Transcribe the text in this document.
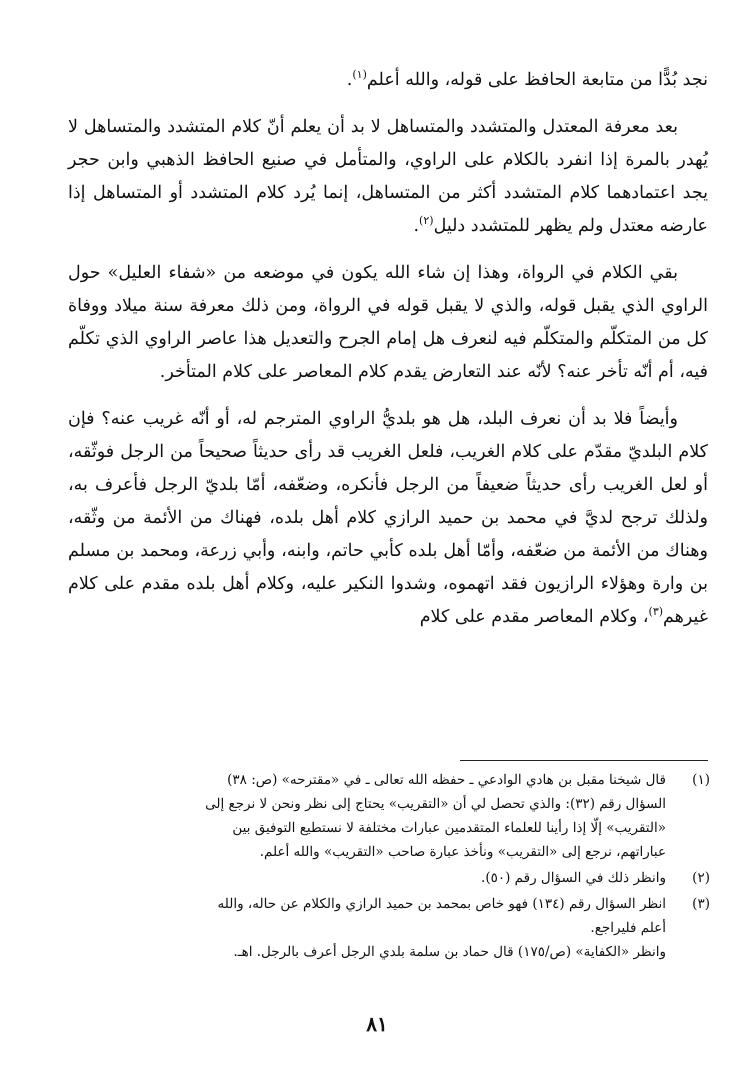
نجد بُدًّا من متابعة الحافظ على قوله، والله أعلم$^{(١)}$.

بعد معرفة المعتدل والمتشدد والمتساهل لا بد أن يعلم أنّ كلام المتشدد والمتساهل لا يُهدر بالمرة إذا انفرد بالكلام على الراوي، والمتأمل في صنيع الحافظ الذهبي وابن حجر يجد اعتمادهما كلام المتشدد أكثر من المتساهل، إنما يُرد كلام المتشدد أو المتساهل إذا عارضه معتدل ولم يظهر للمتشدد دليل$^{(٢)}$.

بقي الكلام في الرواة، وهذا إن شاء الله يكون في موضعه من «شفاء العليل» حول الراوي الذي يقبل قوله، والذي لا يقبل قوله في الرواة، ومن ذلك معرفة سنة ميلاد ووفاة كل من المتكلّم والمتكلّم فيه لنعرف هل إمام الجرح والتعديل هذا عاصر الراوي الذي تكلّم فيه، أم أنّه تأخر عنه؟ لأنّه عند التعارض يقدم كلام المعاصر على كلام المتأخر.

وأيضاً فلا بد أن نعرف البلد، هل هو بلديُّ الراوي المترجم له، أو أنّه غريب عنه؟ فإن كلام البلديّ مقدّم على كلام الغريب، فلعل الغريب قد رأى حديثاً صحيحاً من الرجل فوثّقه، أو لعل الغريب رأى حديثاً ضعيفاً من الرجل فأنكره، وضعّفه، أمّا بلديّ الرجل فأعرف به، ولذلك ترجح لديَّ في محمد بن حميد الرازي كلام أهل بلده، فهناك من الأئمة من وثّقه، وهناك من الأئمة من ضعّفه، وأمّا أهل بلده كأبي حاتم، وابنه، وأبي زرعة، ومحمد بن مسلم بن وارة وهؤلاء الرازيون فقد اتهموه، وشدوا النكير عليه، وكلام أهل بلده مقدم على كلام غيرهم$^{(٣)}$، وكلام المعاصر مقدم على كلام

(١)
قال شيخنا مقبل بن هادي الوادعي ـ حفظه الله تعالى ـ في «مقترحه» (ص: ٣٨)
السؤال رقم (٣٢): والذي تحصل لي أن «التقريب» يحتاج إلى نظر ونحن لا نرجع إلى
«التقريب» إلّا إذا رأينا للعلماء المتقدمين عبارات مختلفة لا نستطيع التوفيق بين
عباراتهم، نرجع إلى «التقريب» ونأخذ عبارة صاحب «التقريب» والله أعلم.
(٢)
وانظر ذلك في السؤال رقم (٥٠).
(٣)
انظر السؤال رقم (١٣٤) فهو خاص بمحمد بن حميد الرازي والكلام عن حاله، والله
أعلم فليراجع.
وانظر «الكفاية» (ص/١٧٥) قال حماد بن سلمة بلدي الرجل أعرف بالرجل. اهـ.
٨١
